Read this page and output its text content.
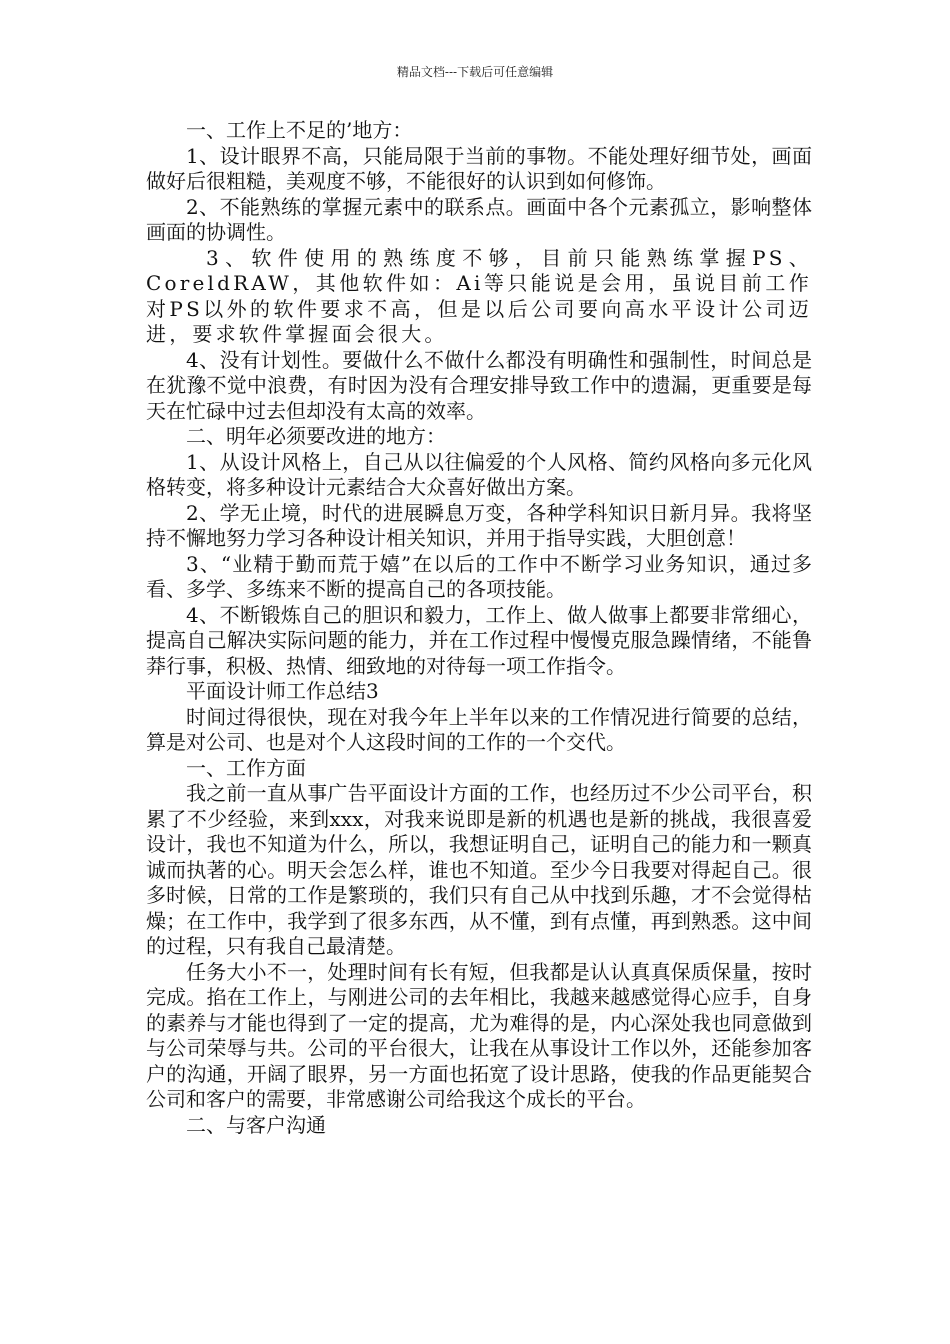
精品文档---下载后可任意编辑

一、工作上不足的’地方：

1、设计眼界不高，只能局限于当前的事物。不能处理好细节处，画面做好后很粗糙，美观度不够，不能很好的认识到如何修饰。

2、不能熟练的掌握元素中的联系点。画面中各个元素孤立，影响整体画面的协调性。

3、软件使用的熟练度不够，目前只能熟练掌握PS、CoreldRAW，其他软件如：Ai等只能说是会用，虽说目前工作对PS以外的软件要求不高，但是以后公司要向高水平设计公司迈进，要求软件掌握面会很大。

4、没有计划性。要做什么不做什么都没有明确性和强制性，时间总是在犹豫不觉中浪费，有时因为没有合理安排导致工作中的遗漏，更重要是每天在忙碌中过去但却没有太高的效率。

二、明年必须要改进的地方：

1、从设计风格上，自己从以往偏爱的个人风格、简约风格向多元化风格转变，将多种设计元素结合大众喜好做出方案。

2、学无止境，时代的进展瞬息万变，各种学科知识日新月异。我将坚持不懈地努力学习各种设计相关知识，并用于指导实践，大胆创意！

3、“业精于勤而荒于嬉”在以后的工作中不断学习业务知识，通过多看、多学、多练来不断的提高自己的各项技能。

4、不断锻炼自己的胆识和毅力，工作上、做人做事上都要非常细心，提高自己解决实际问题的能力，并在工作过程中慢慢克服急躁情绪，不能鲁莽行事，积极、热情、细致地的对待每一项工作指令。

平面设计师工作总结3

时间过得很快，现在对我今年上半年以来的工作情况进行简要的总结，算是对公司、也是对个人这段时间的工作的一个交代。

一、工作方面

我之前一直从事广告平面设计方面的工作，也经历过不少公司平台，积累了不少经验，来到xxx，对我来说即是新的机遇也是新的挑战，我很喜爱设计，我也不知道为什么，所以，我想证明自己，证明自己的能力和一颗真诚而执著的心。明天会怎么样，谁也不知道。至少今日我要对得起自己。很多时候，日常的工作是繁琐的，我们只有自己从中找到乐趣，才不会觉得枯燥；在工作中，我学到了很多东西，从不懂，到有点懂，再到熟悉。这中间的过程，只有我自己最清楚。

任务大小不一，处理时间有长有短，但我都是认认真真保质保量，按时完成。掐在工作上，与刚进公司的去年相比，我越来越感觉得心应手，自身的素养与才能也得到了一定的提高，尤为难得的是，内心深处我也同意做到与公司荣辱与共。公司的平台很大，让我在从事设计工作以外，还能参加客户的沟通，开阔了眼界，另一方面也拓宽了设计思路，使我的作品更能契合公司和客户的需要，非常感谢公司给我这个成长的平台。

二、与客户沟通
